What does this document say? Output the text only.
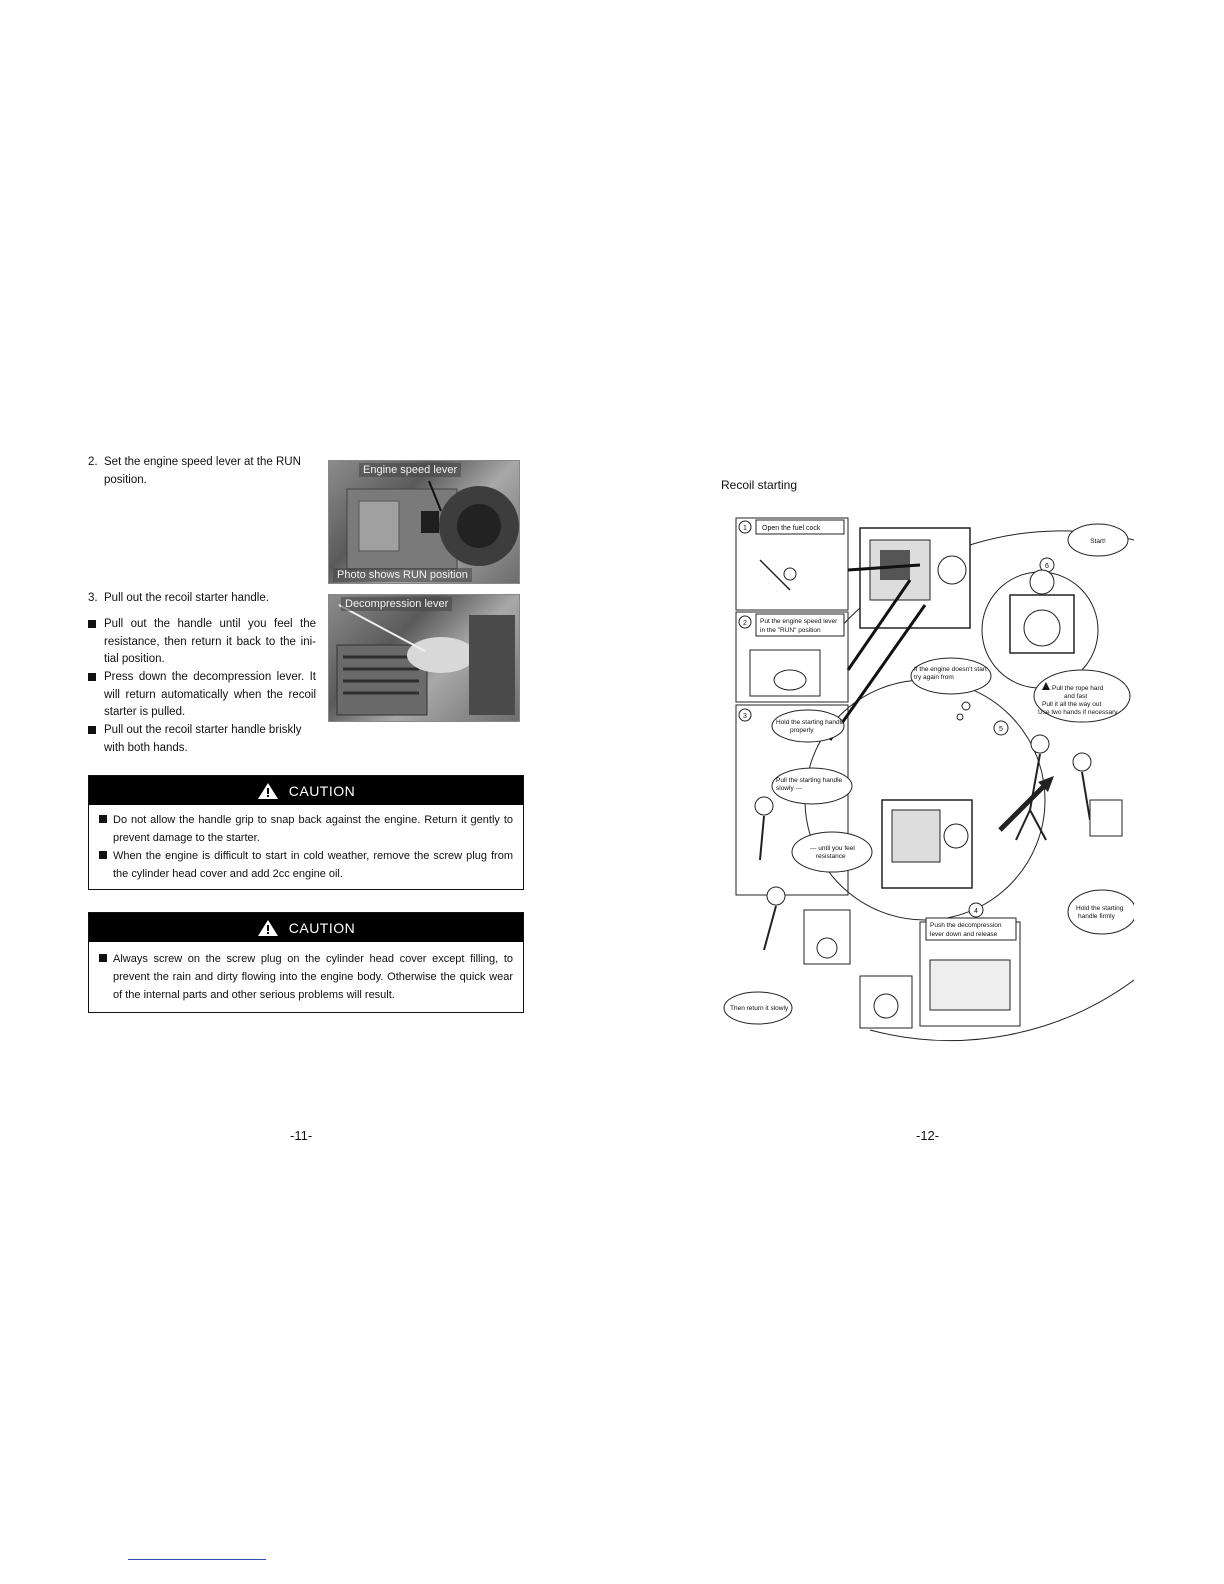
2. Set the engine speed lever at the RUN position.
Engine speed lever
Photo shows RUN position
3. Pull out the recoil starter handle.	Decompression lever
Pull out the handle until you feel the resistance, then return it back to the ini-tial position.
Press down the decompression lever. It will return automatically when the recoil starter is pulled.
Pull out the recoil starter handle briskly with both hands.
CAUTION
Do not allow the handle grip to snap back against the engine. Return it gently to prevent damage to the starter.
When the engine is difficult to start in cold weather, remove the screw plug from the cylinder head cover and add 2cc engine oil.
CAUTION
Always screw on the screw plug on the cylinder head cover except filling, to prevent the rain and dirty flowing into the engine body. Otherwise the quick wear of the internal parts and other serious problems will result.
-11-
Recoil starting
1 Open the fuel cock
2 Put the engine speed lever
in the "RUN" position
3
6
Start!
If the engine doesn't start
try again from
Hold the starting handle
properly
Pull the rope hard
and fast
Pull it all the way out
Use two hands if necessary
5
Pull the starting handle
slowly ---
--- until you feel
resistance
Hold the starting
handle firmly
4
Push the decompression
lever down and release
Then return it slowly
-12-
